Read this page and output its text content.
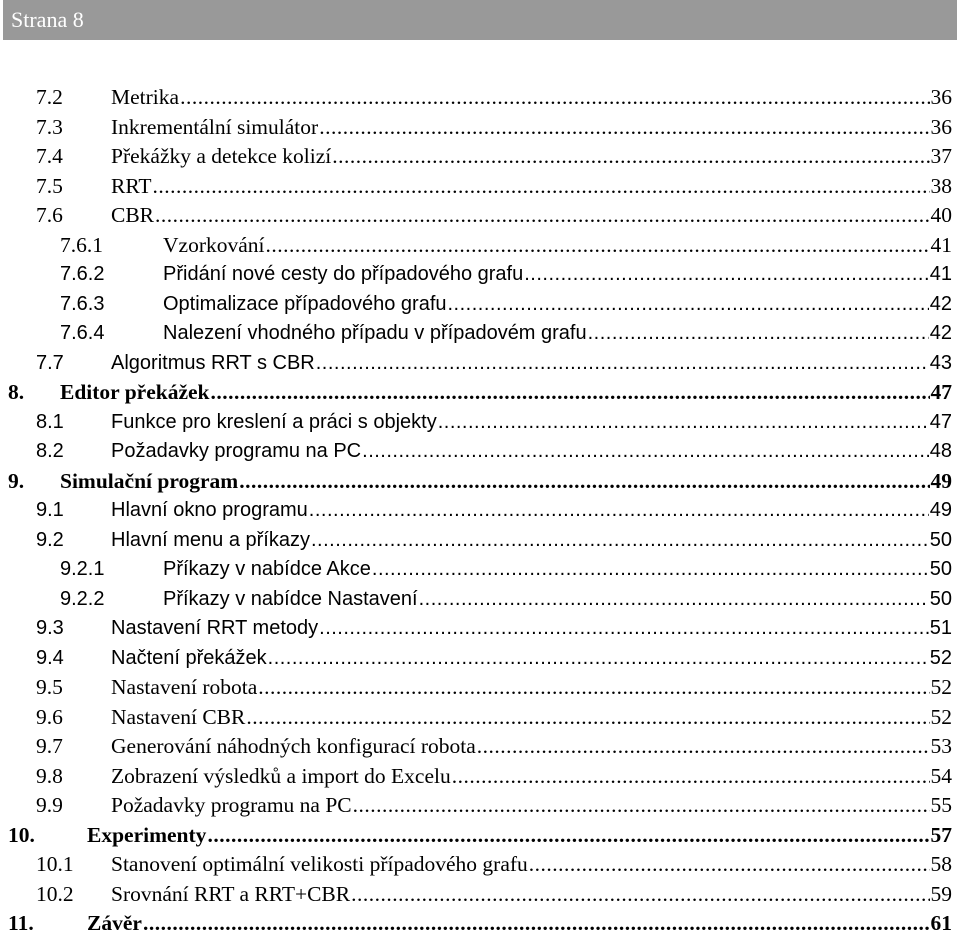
Strana 8
7.2 Metrika .....	36
7.3 Inkrementální simulátor .....	36
7.4 Překážky a detekce kolizí .....	37
7.5 RRT .....	38
7.6 CBR .....	40
7.6.1	Vzorkování .....	41
7.6.2	Přidání nové cesty do případového grafu .....	41
7.6.3	Optimalizace případového grafu .....	42
7.6.4	Nalezení vhodného případu v případovém grafu .....	42
7.7 Algoritmus RRT s CBR .....	43
8. Editor překážek .....	47
8.1 Funkce pro kreslení a práci s objekty .....	47
8.2 Požadavky programu na PC .....	48
9. Simulační program .....	49
9.1 Hlavní okno programu .....	49
9.2 Hlavní menu a příkazy .....	50
9.2.1	Příkazy v nabídce Akce .....	50
9.2.2	Příkazy v nabídce Nastavení .....	50
9.3 Nastavení RRT metody .....	51
9.4 Načtení překážek .....	52
9.5 Nastavení robota .....	52
9.6 Nastavení CBR .....	52
9.7 Generování náhodných konfigurací robota .....	53
9.8 Zobrazení výsledků a import do Excelu .....	54
9.9 Požadavky programu na PC .....	55
10. Experimenty .....	57
10.1 Stanovení optimální velikosti případového grafu .....	58
10.2 Srovnání RRT a RRT+CBR .....	59
11. Závěr .....	61
